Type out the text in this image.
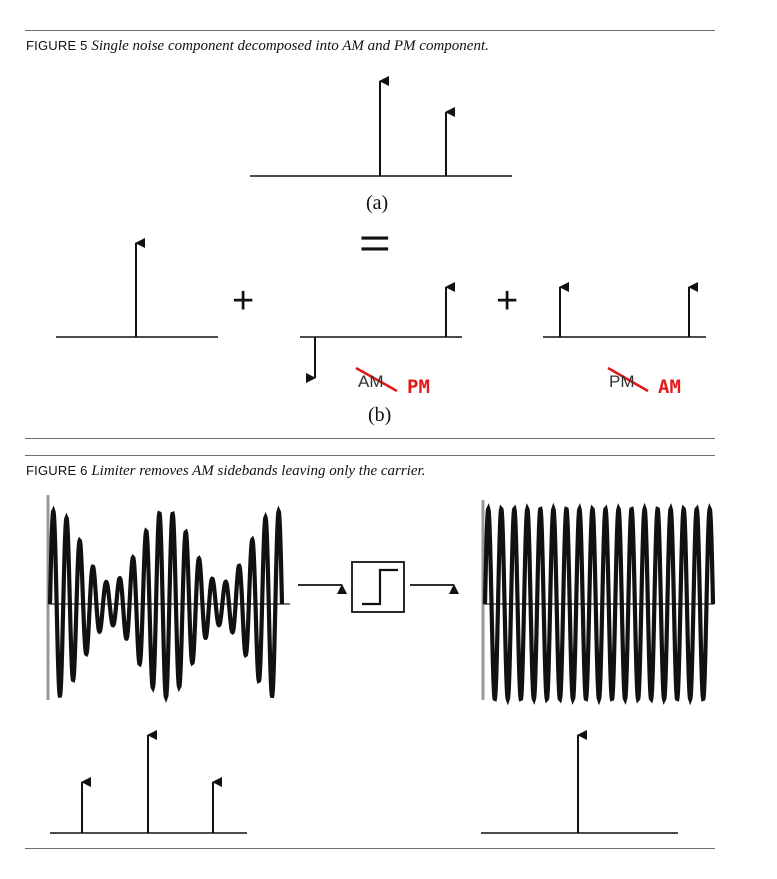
FIGURE 5 Single noise component decomposed into AM and PM component.
(a)
=
+	+
AM PM	PM AM
(b)
FIGURE 6 Limiter removes AM sidebands leaving only the carrier.
